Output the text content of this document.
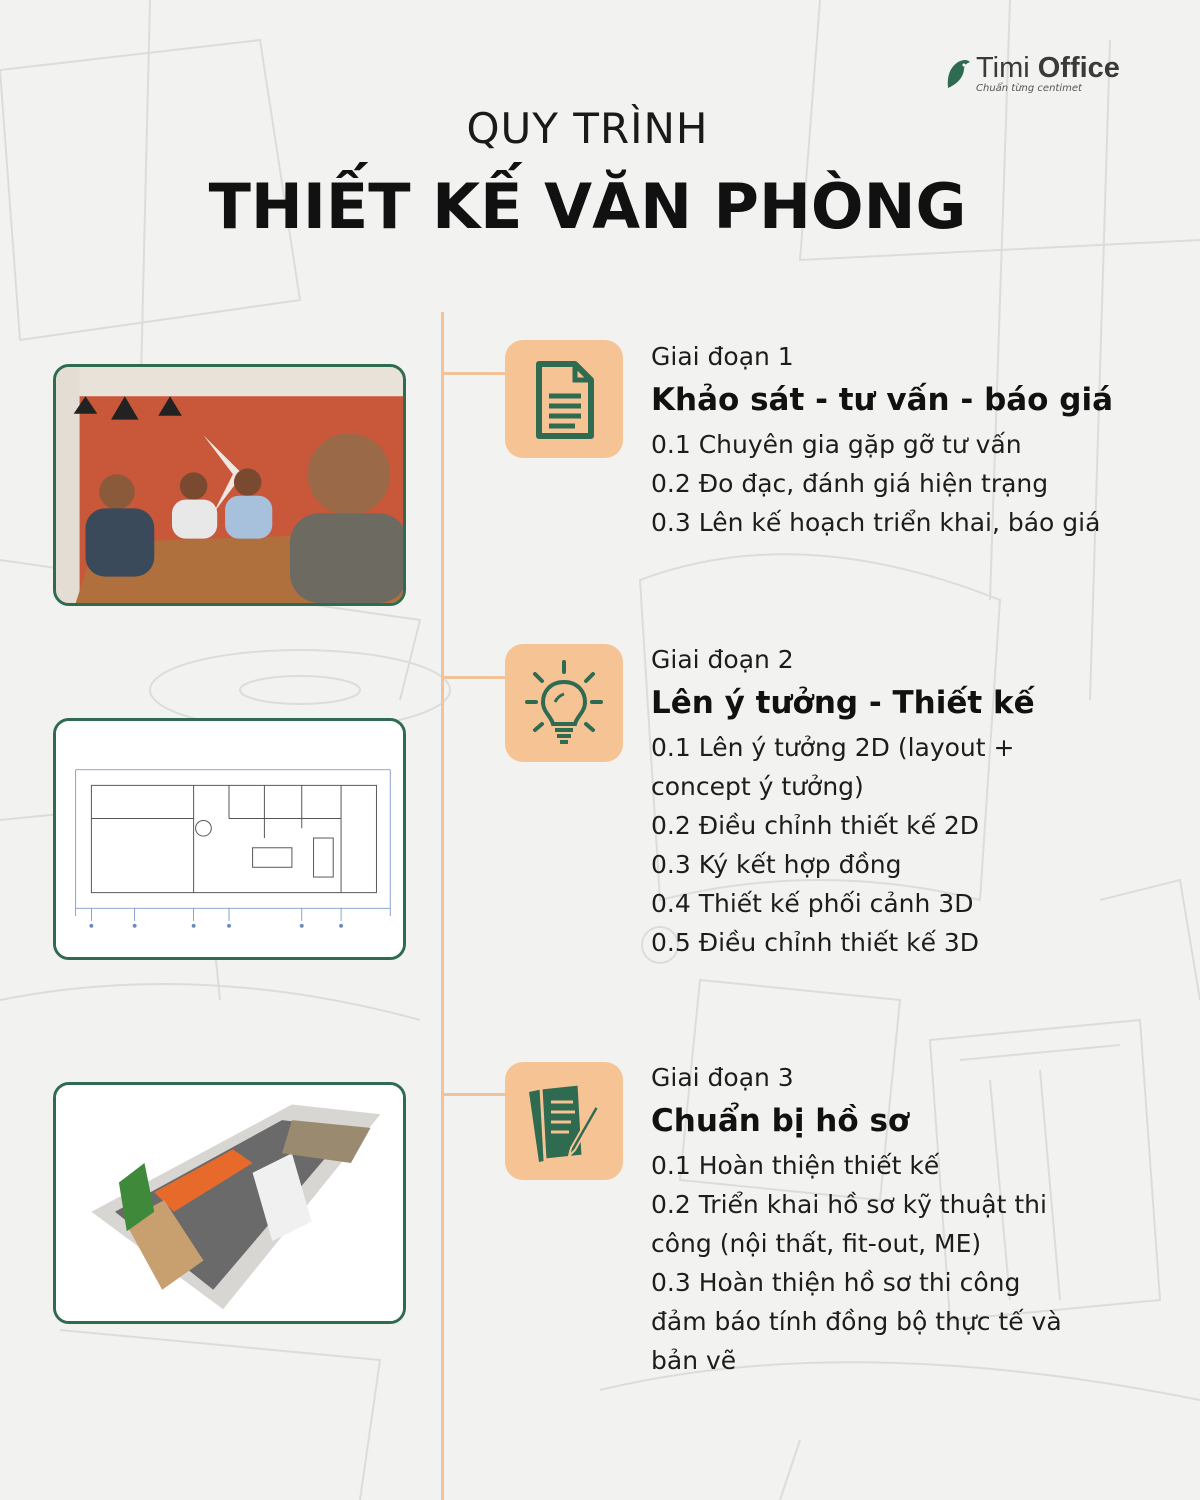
Timi Office
Chuẩn từng centimet
QUY TRÌNH
THIẾT KẾ VĂN PHÒNG
Giai đoạn 1
Khảo sát - tư vấn - báo giá
0.1 Chuyên gia gặp gỡ tư vấn
0.2 Đo đạc, đánh giá hiện trạng
0.3 Lên kế hoạch triển khai, báo giá
Giai đoạn 2
Lên ý tưởng - Thiết kế
0.1 Lên ý tưởng 2D (layout +
concept ý tưởng)
0.2 Điều chỉnh thiết kế 2D
0.3 Ký kết hợp đồng
0.4 Thiết kế phối cảnh 3D
0.5 Điều chỉnh thiết kế 3D
Giai đoạn 3
Chuẩn bị hồ sơ
0.1 Hoàn thiện thiết kế
0.2 Triển khai hồ sơ kỹ thuật thi
công (nội thất, fit-out, ME)
0.3 Hoàn thiện hồ sơ thi công
đảm báo tính đồng bộ thực tế và
bản vẽ
